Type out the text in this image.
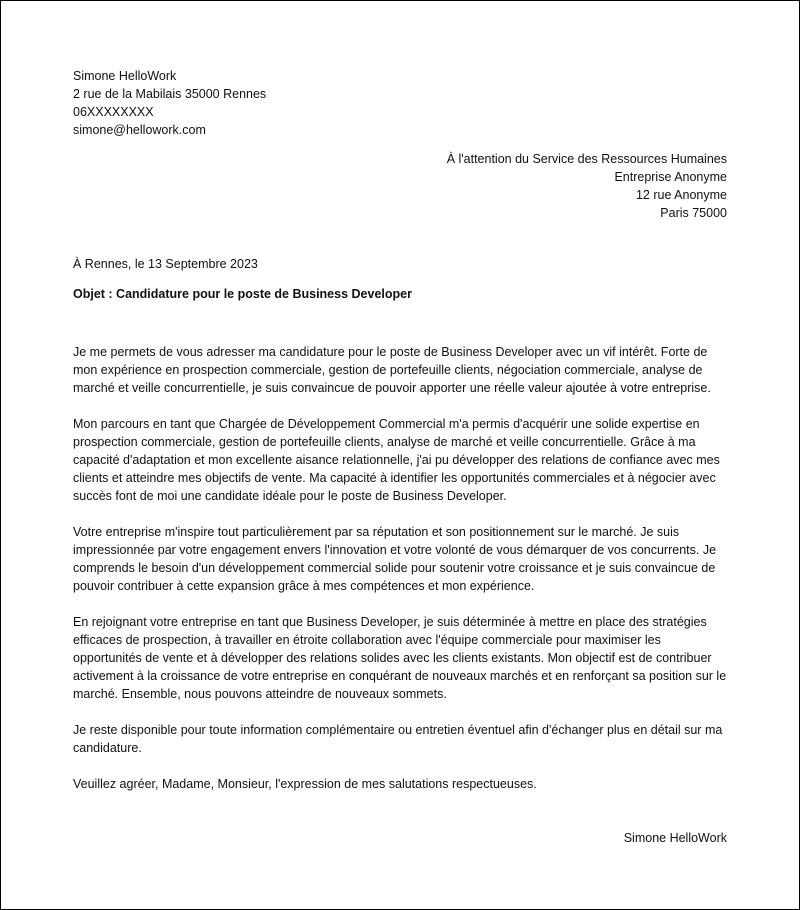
Simone HelloWork
2 rue de la Mabilais 35000 Rennes
06XXXXXXXX
simone@hellowork.com
À l'attention du Service des Ressources Humaines
Entreprise Anonyme
12 rue Anonyme
Paris 75000
À Rennes, le 13 Septembre 2023
Objet : Candidature pour le poste de Business Developer

Je me permets de vous adresser ma candidature pour le poste de Business Developer avec un vif intérêt. Forte de mon expérience en prospection commerciale, gestion de portefeuille clients, négociation commerciale, analyse de marché et veille concurrentielle, je suis convaincue de pouvoir apporter une réelle valeur ajoutée à votre entreprise.

Mon parcours en tant que Chargée de Développement Commercial m'a permis d'acquérir une solide expertise en prospection commerciale, gestion de portefeuille clients, analyse de marché et veille concurrentielle. Grâce à ma capacité d'adaptation et mon excellente aisance relationnelle, j'ai pu développer des relations de confiance avec mes clients et atteindre mes objectifs de vente. Ma capacité à identifier les opportunités commerciales et à négocier avec succès font de moi une candidate idéale pour le poste de Business Developer.

Votre entreprise m'inspire tout particulièrement par sa réputation et son positionnement sur le marché. Je suis impressionnée par votre engagement envers l'innovation et votre volonté de vous démarquer de vos concurrents. Je comprends le besoin d'un développement commercial solide pour soutenir votre croissance et je suis convaincue de pouvoir contribuer à cette expansion grâce à mes compétences et mon expérience.

En rejoignant votre entreprise en tant que Business Developer, je suis déterminée à mettre en place des stratégies efficaces de prospection, à travailler en étroite collaboration avec l'équipe commerciale pour maximiser les opportunités de vente et à développer des relations solides avec les clients existants. Mon objectif est de contribuer activement à la croissance de votre entreprise en conquérant de nouveaux marchés et en renforçant sa position sur le marché. Ensemble, nous pouvons atteindre de nouveaux sommets.

Je reste disponible pour toute information complémentaire ou entretien éventuel afin d'échanger plus en détail sur ma candidature.

Veuillez agréer, Madame, Monsieur, l'expression de mes salutations respectueuses.

Simone HelloWork
